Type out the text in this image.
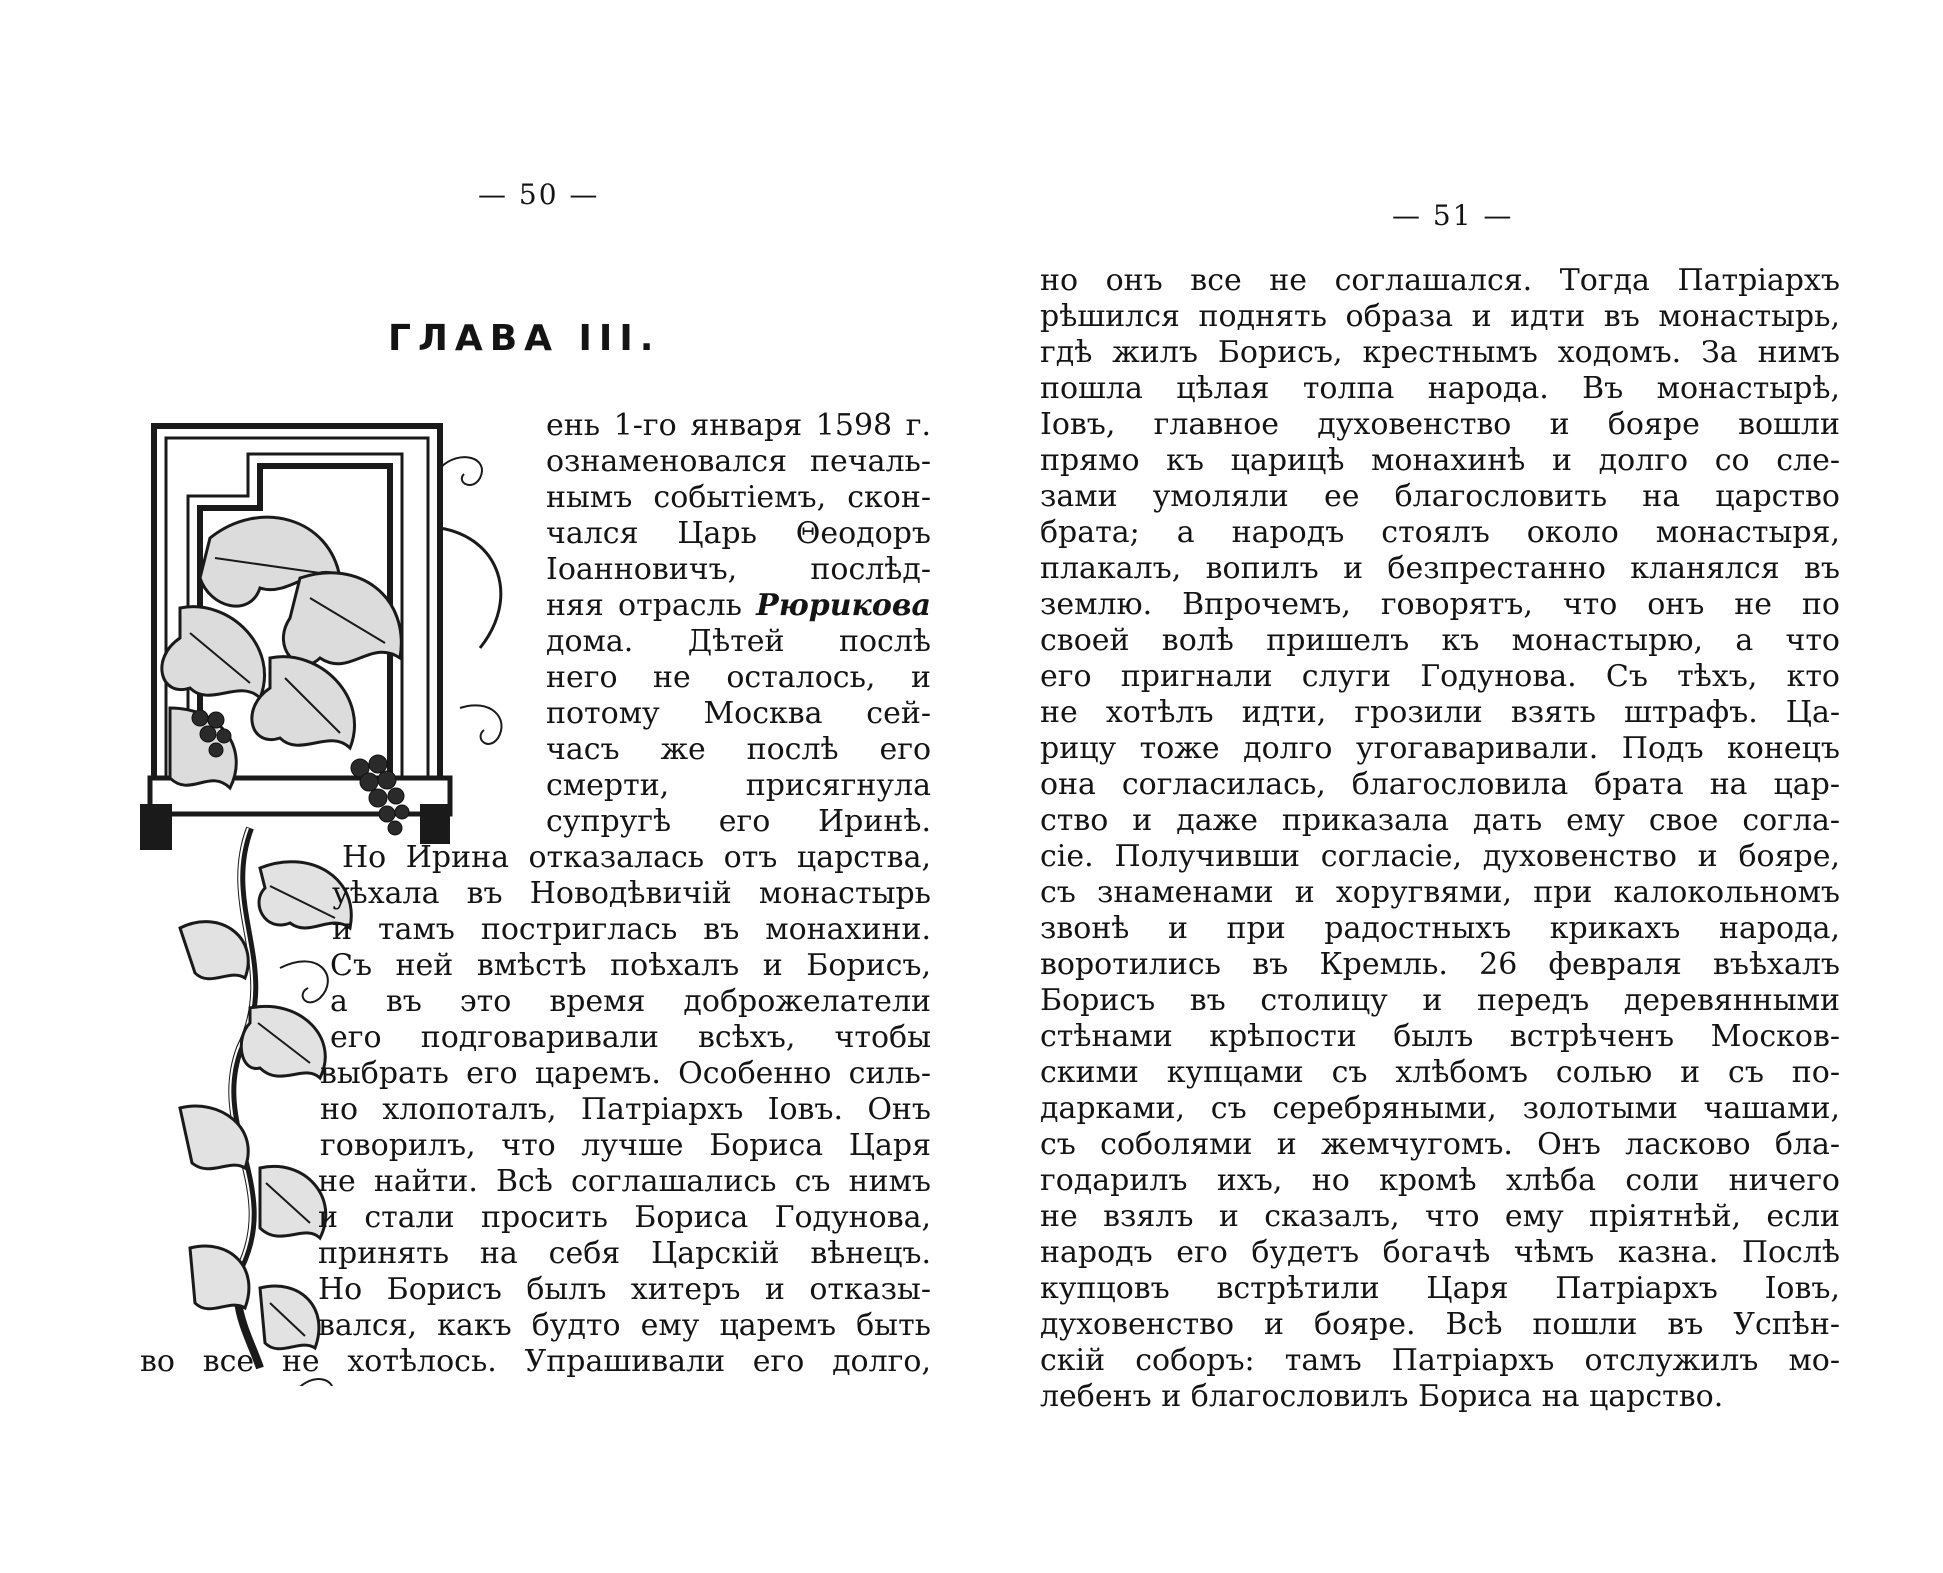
— 50 —
ГЛАВА III.
ень 1-го января 1598 г.
ознаменовался печаль-
нымъ событіемъ, скон-
чался Царь Θеодоръ
Іоанновичъ, послѣд-
няя отрасль Рюрикова
дома. Дѣтей послѣ
него не осталось, и
потому Москва сей-
часъ же послѣ его
смерти, присягнула
супругѣ его Иринѣ.
Но Ирина отказалась отъ царства,
уѣхала въ Новодѣвичій монастырь
и тамъ постриглась въ монахини.
Съ ней вмѣстѣ поѣхалъ и Борисъ,
а въ это время доброжелатели
его подговаривали всѣхъ, чтобы
выбрать его царемъ. Особенно силь-
но хлопоталъ, Патріархъ Іовъ. Онъ
говорилъ, что лучше Бориса Царя
не найти. Всѣ соглашались съ нимъ
и стали просить Бориса Годунова,
принять на себя Царскій вѣнецъ.
Но Борисъ былъ хитеръ и отказы-
вался, какъ будто ему царемъ быть
во все не хотѣлось. Упрашивали его долго,
— 51 —
но онъ все не соглашался. Тогда Патріархъ
рѣшился поднять образа и идти въ монастырь,
гдѣ жилъ Борисъ, крестнымъ ходомъ. За нимъ
пошла цѣлая толпа народа. Въ монастырѣ,
Іовъ, главное духовенство и бояре вошли
прямо къ царицѣ монахинѣ и долго со сле-
зами умоляли ее благословить на царство
брата; а народъ стоялъ около монастыря,
плакалъ, вопилъ и безпрестанно кланялся въ
землю. Впрочемъ, говорятъ, что онъ не по
своей волѣ пришелъ къ монастырю, а что
его пригнали слуги Годунова. Съ тѣхъ, кто
не хотѣлъ идти, грозили взять штрафъ. Ца-
рицу тоже долго угогаваривали. Подъ конецъ
она согласилась, благословила брата на цар-
ство и даже приказала дать ему свое согла-
сіе. Получивши согласіе, духовенство и бояре,
съ знаменами и хоругвями, при калокольномъ
звонѣ и при радостныхъ крикахъ народа,
воротились въ Кремль. 26 февраля въѣхалъ
Борисъ въ столицу и передъ деревянными
стѣнами крѣпости былъ встрѣченъ Москов-
скими купцами съ хлѣбомъ солью и съ по-
дарками, съ серебряными, золотыми чашами,
съ соболями и жемчугомъ. Онъ ласково бла-
годарилъ ихъ, но кромѣ хлѣба соли ничего
не взялъ и сказалъ, что ему пріятнѣй, если
народъ его будетъ богачѣ чѣмъ казна. Послѣ
купцовъ встрѣтили Царя Патріархъ Іовъ,
духовенство и бояре. Всѣ пошли въ Успѣн-
скій соборъ: тамъ Патріархъ отслужилъ мо-
лебенъ и благословилъ Бориса на царство.
